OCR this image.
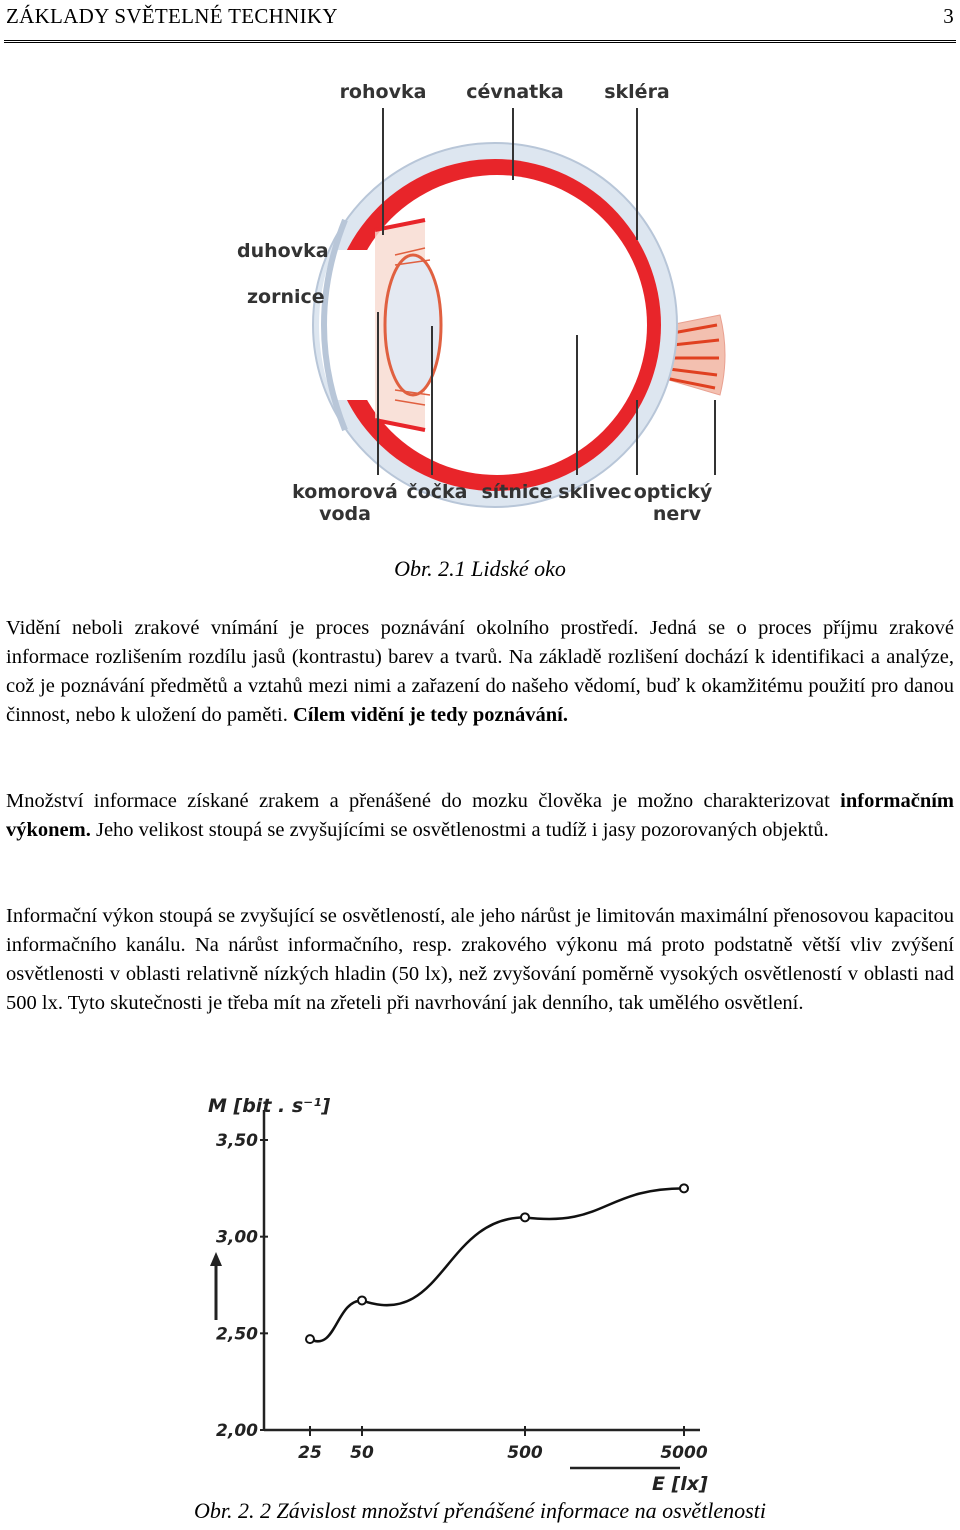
ZÁKLADY SVĚTELNÉ TECHNIKY	3
rohovka cévnatka skléra
duhovka
zornice
komorová
voda
čočka sítnice sklivec optický
nerv
Obr. 2.1 Lidské oko
Vidění neboli zrakové vnímání je proces poznávání okolního prostředí. Jedná se o proces příjmu zrakové informace rozlišením rozdílu jasů (kontrastu) barev a tvarů. Na základě rozlišení dochází k identifikaci a analýze, což je poznávání předmětů a vztahů mezi nimi a zařazení do našeho vědomí, buď k okamžitému použití pro danou činnost, nebo k uložení do paměti. Cílem vidění je tedy poznávání.
Množství informace získané zrakem a přenášené do mozku člověka je možno charakterizovat informačním výkonem. Jeho velikost stoupá se zvyšujícími se osvětlenostmi a tudíž i jasy pozorovaných objektů.
Informační výkon stoupá se zvyšující se osvětleností, ale jeho nárůst je limitován maximální přenosovou kapacitou informačního kanálu. Na nárůst informačního, resp. zrakového výkonu má proto podstatně větší vliv zvýšení osvětlenosti v oblasti relativně nízkých hladin (50 lx), než zvyšování poměrně vysokých osvětleností v oblasti nad 500 lx. Tyto skutečnosti je třeba mít na zřeteli při navrhování jak denního, tak umělého osvětlení.
M [bit . s⁻¹]
E [lx]
3,50
3,00
2,50
2,00
25 50	500	5000
Obr. 2. 2 Závislost množství přenášené informace na osvětlenosti
